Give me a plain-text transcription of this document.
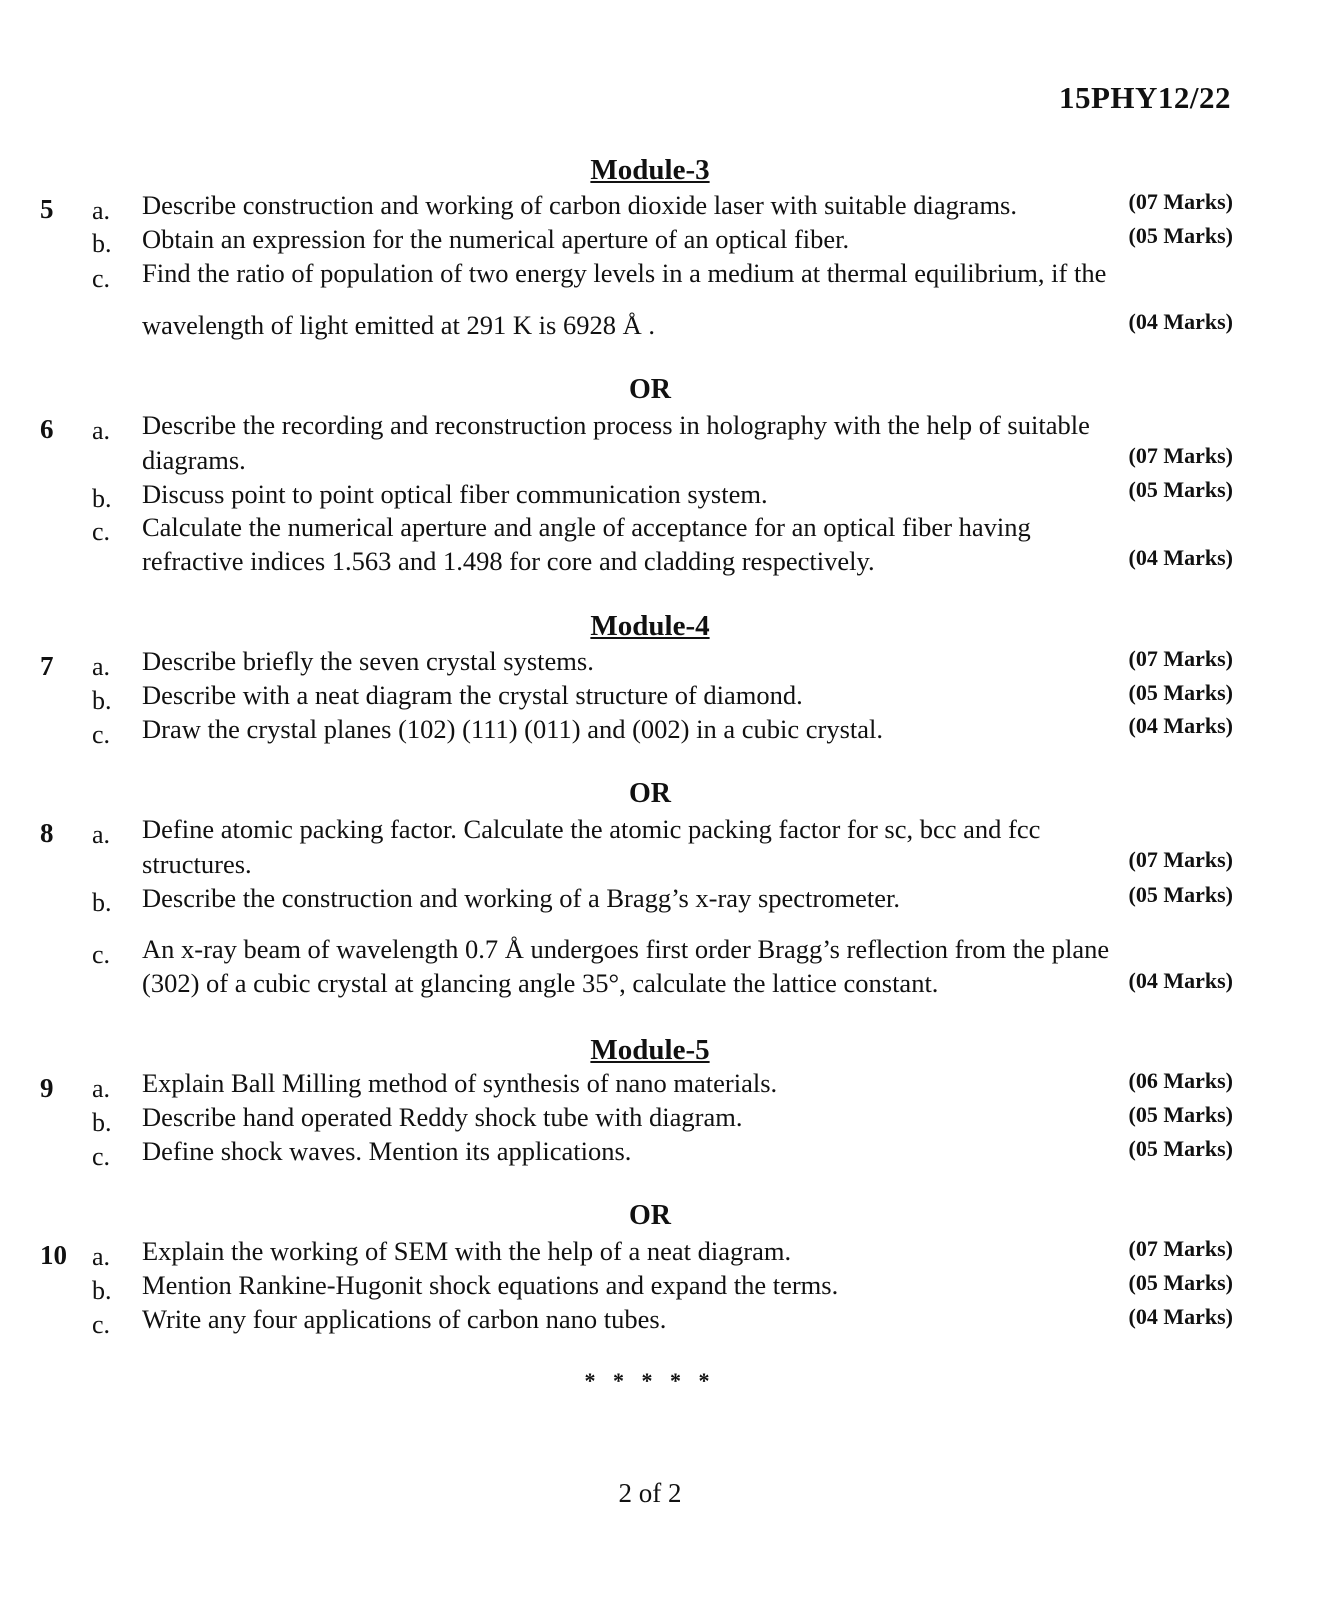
15PHY12/22
Module-3
5	a.	Describe construction and working of carbon dioxide laser with suitable diagrams.	(07 Marks)
b.	Obtain an expression for the numerical aperture of an optical fiber.	(05 Marks)
c.	Find the ratio of population of two energy levels in a medium at thermal equilibrium, if the
wavelength of light emitted at 291 K is 6928 Å .	(04 Marks)
OR
6	a.	Describe the recording and reconstruction process in holography with the help of suitable
diagrams.	(07 Marks)
b.	Discuss point to point optical fiber communication system.	(05 Marks)
c.	Calculate the numerical aperture and angle of acceptance for an optical fiber having
refractive indices 1.563 and 1.498 for core and cladding respectively.	(04 Marks)
Module-4
7	a.	Describe briefly the seven crystal systems.	(07 Marks)
b.	Describe with a neat diagram the crystal structure of diamond.	(05 Marks)
c.	Draw the crystal planes (102) (111) (011) and (002) in a cubic crystal.	(04 Marks)
OR
8	a.	Define atomic packing factor. Calculate the atomic packing factor for sc, bcc and fcc
structures.	(07 Marks)
b.	Describe the construction and working of a Bragg’s x-ray spectrometer.	(05 Marks)
c.	An x-ray beam of wavelength 0.7 Å undergoes first order Bragg’s reflection from the plane
(302) of a cubic crystal at glancing angle 35°, calculate the lattice constant.	(04 Marks)
Module-5
9	a.	Explain Ball Milling method of synthesis of nano materials.	(06 Marks)
b.	Describe hand operated Reddy shock tube with diagram.	(05 Marks)
c.	Define shock waves. Mention its applications.	(05 Marks)
OR
10 a.	Explain the working of SEM with the help of a neat diagram.	(07 Marks)
b.	Mention Rankine-Hugonit shock equations and expand the terms.	(05 Marks)
c.	Write any four applications of carbon nano tubes.	(04 Marks)
* * * * *
2 of 2
